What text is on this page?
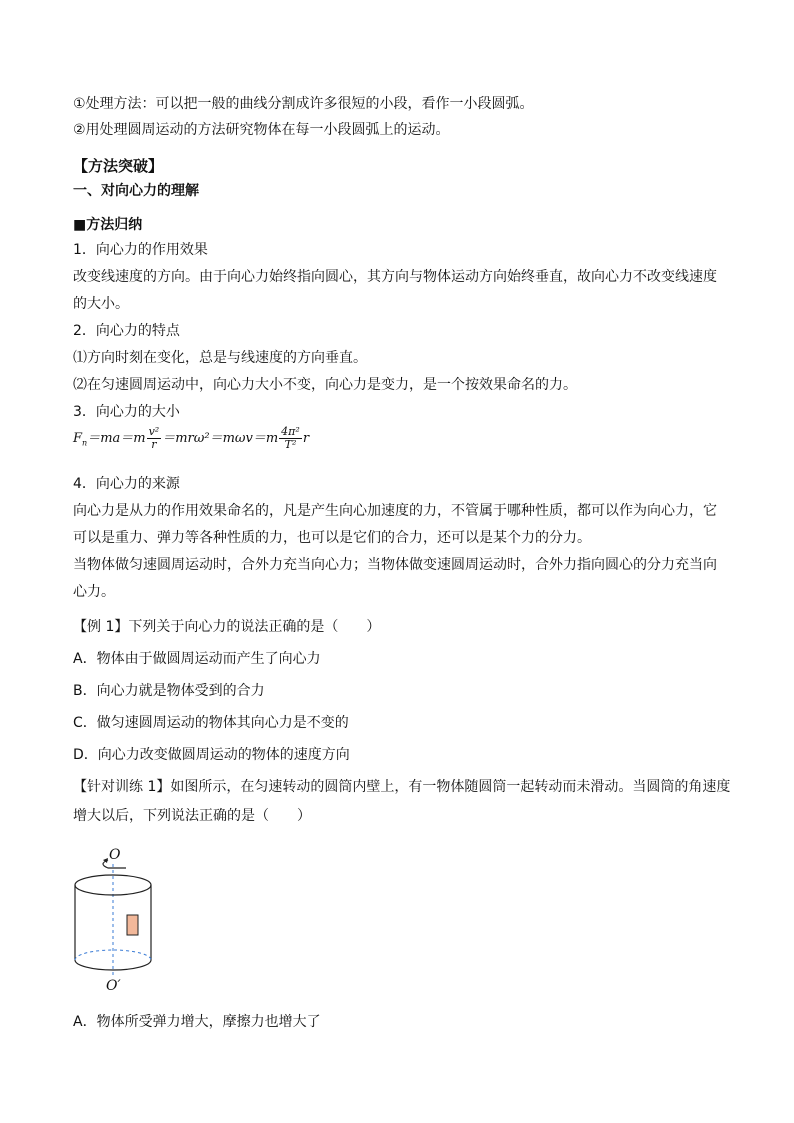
①处理方法：可以把一般的曲线分割成许多很短的小段，看作一小段圆弧。
②用处理圆周运动的方法研究物体在每一小段圆弧上的运动。
【方法突破】
一、对向心力的理解
■方法归纳
1．向心力的作用效果
改变线速度的方向。由于向心力始终指向圆心，其方向与物体运动方向始终垂直，故向心力不改变线速度
的大小。
2．向心力的特点
⑴方向时刻在变化，总是与线速度的方向垂直。
⑵在匀速圆周运动中，向心力大小不变，向心力是变力，是一个按效果命名的力。
3．向心力的大小
$F_n=ma=m \frac{\text{v²}}{r} =mr\omega^2=m\omega v=m \frac{\text{4π²}}{\text{T²}}$ r
4．向心力的来源
向心力是从力的作用效果命名的，凡是产生向心加速度的力，不管属于哪种性质，都可以作为向心力，它
可以是重力、弹力等各种性质的力，也可以是它们的合力，还可以是某个力的分力。
当物体做匀速圆周运动时，合外力充当向心力；当物体做变速圆周运动时，合外力指向圆心的分力充当向
心力。
【例 1】下列关于向心力的说法正确的是（　　）
A．物体由于做圆周运动而产生了向心力
B．向心力就是物体受到的合力
C．做匀速圆周运动的物体其向心力是不变的
D．向心力改变做圆周运动的物体的速度方向
【针对训练 1】如图所示，在匀速转动的圆筒内壁上，有一物体随圆筒一起转动而未滑动。当圆筒的角速度
增大以后，下列说法正确的是（　　）
O
O′
A．物体所受弹力增大，摩擦力也增大了
